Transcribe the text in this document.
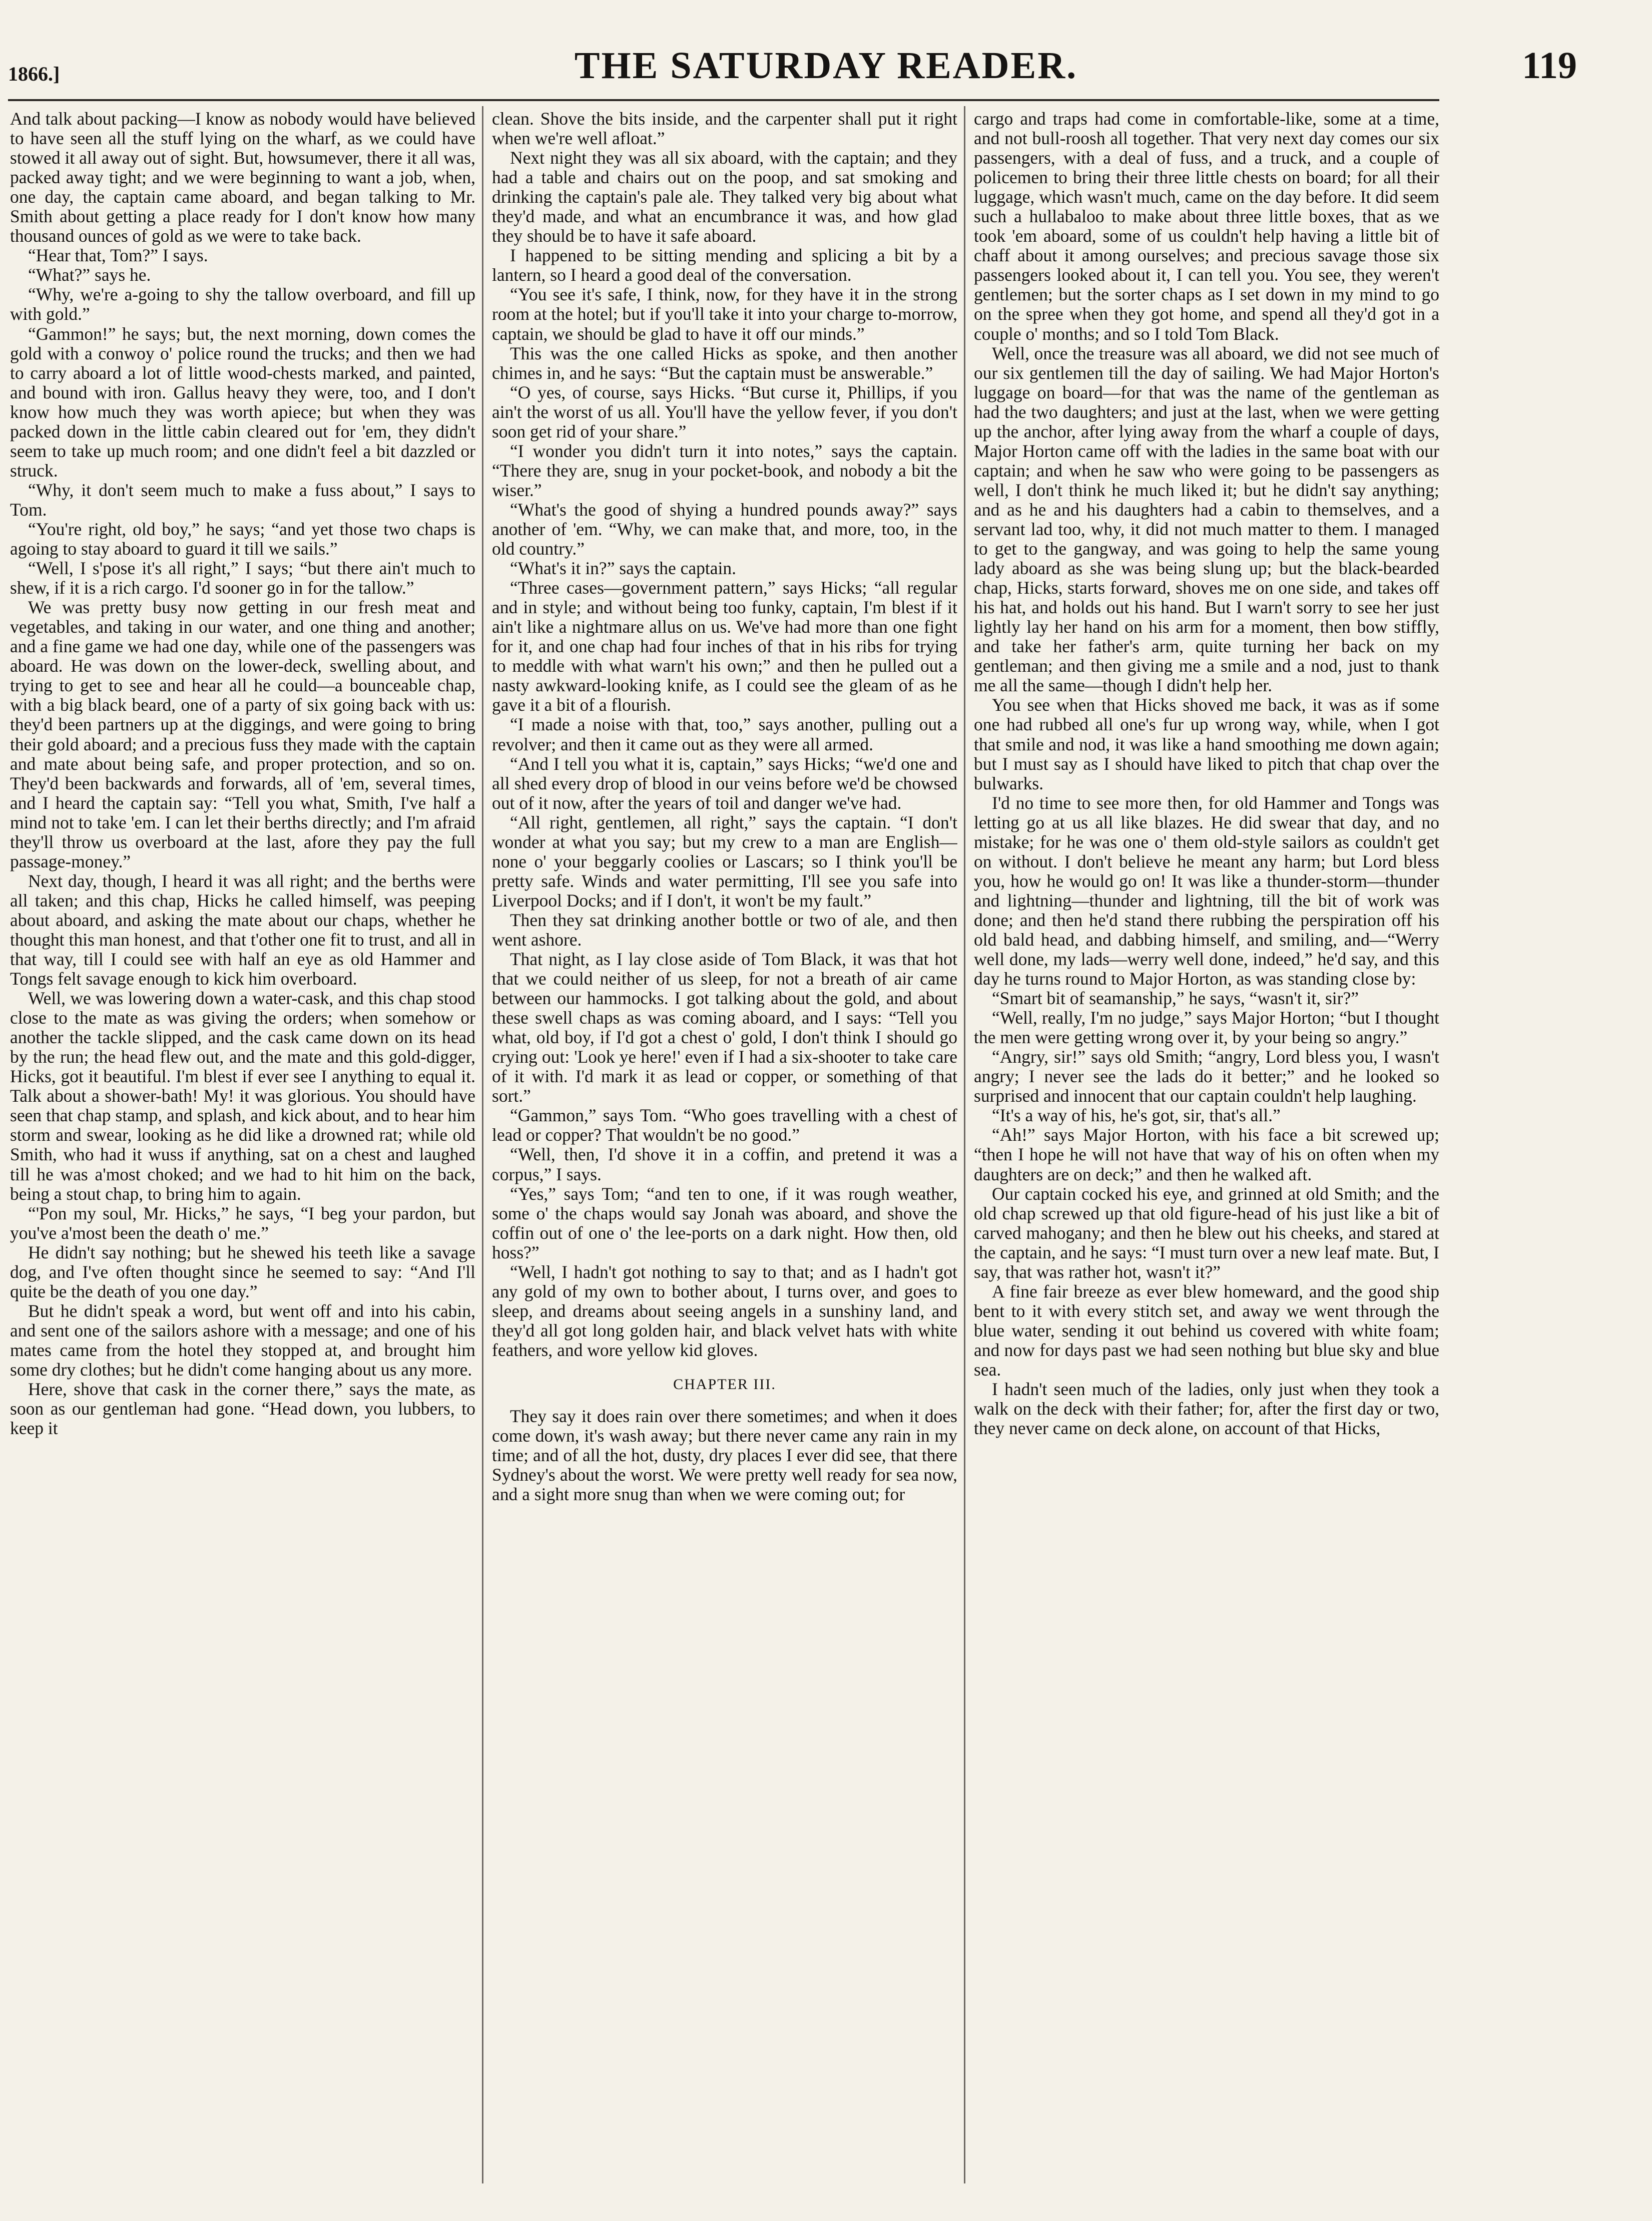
1866.]	THE SATURDAY READER.	119

And talk about packing—I know as nobody would have believed to have seen all the stuff lying on the wharf, as we could have stowed it all away out of sight. But, howsumever, there it all was, packed away tight; and we were beginning to want a job, when, one day, the captain came aboard, and began talking to Mr. Smith about getting a place ready for I don't know how many thousand ounces of gold as we were to take back.

“Hear that, Tom?” I says.

“What?” says he.

“Why, we're a-going to shy the tallow overboard, and fill up with gold.”

“Gammon!” he says; but, the next morning, down comes the gold with a conwoy o' police round the trucks; and then we had to carry aboard a lot of little wood-chests marked, and painted, and bound with iron. Gallus heavy they were, too, and I don't know how much they was worth apiece; but when they was packed down in the little cabin cleared out for 'em, they didn't seem to take up much room; and one didn't feel a bit dazzled or struck.

“Why, it don't seem much to make a fuss about,” I says to Tom.

“You're right, old boy,” he says; “and yet those two chaps is agoing to stay aboard to guard it till we sails.”

“Well, I s'pose it's all right,” I says; “but there ain't much to shew, if it is a rich cargo. I'd sooner go in for the tallow.”

We was pretty busy now getting in our fresh meat and vegetables, and taking in our water, and one thing and another; and a fine game we had one day, while one of the passengers was aboard. He was down on the lower-deck, swelling about, and trying to get to see and hear all he could—a bounceable chap, with a big black beard, one of a party of six going back with us: they'd been partners up at the diggings, and were going to bring their gold aboard; and a precious fuss they made with the captain and mate about being safe, and proper protection, and so on. They'd been backwards and forwards, all of 'em, several times, and I heard the captain say: “Tell you what, Smith, I've half a mind not to take 'em. I can let their berths directly; and I'm afraid they'll throw us overboard at the last, afore they pay the full passage-money.”

Next day, though, I heard it was all right; and the berths were all taken; and this chap, Hicks he called himself, was peeping about aboard, and asking the mate about our chaps, whether he thought this man honest, and that t'other one fit to trust, and all in that way, till I could see with half an eye as old Hammer and Tongs felt savage enough to kick him overboard.

Well, we was lowering down a water-cask, and this chap stood close to the mate as was giving the orders; when somehow or another the tackle slipped, and the cask came down on its head by the run; the head flew out, and the mate and this gold-digger, Hicks, got it beautiful. I'm blest if ever see I anything to equal it. Talk about a shower-bath! My! it was glorious. You should have seen that chap stamp, and splash, and kick about, and to hear him storm and swear, looking as he did like a drowned rat; while old Smith, who had it wuss if anything, sat on a chest and laughed till he was a'most choked; and we had to hit him on the back, being a stout chap, to bring him to again.

“'Pon my soul, Mr. Hicks,” he says, “I beg your pardon, but you've a'most been the death o' me.”

He didn't say nothing; but he shewed his teeth like a savage dog, and I've often thought since he seemed to say: “And I'll quite be the death of you one day.”

But he didn't speak a word, but went off and into his cabin, and sent one of the sailors ashore with a message; and one of his mates came from the hotel they stopped at, and brought him some dry clothes; but he didn't come hanging about us any more.

Here, shove that cask in the corner there,” says the mate, as soon as our gentleman had gone. “Head down, you lubbers, to keep it

clean. Shove the bits inside, and the carpenter shall put it right when we're well afloat.”

Next night they was all six aboard, with the captain; and they had a table and chairs out on the poop, and sat smoking and drinking the captain's pale ale. They talked very big about what they'd made, and what an encumbrance it was, and how glad they should be to have it safe aboard.

I happened to be sitting mending and splicing a bit by a lantern, so I heard a good deal of the conversation.

“You see it's safe, I think, now, for they have it in the strong room at the hotel; but if you'll take it into your charge to-morrow, captain, we should be glad to have it off our minds.”

This was the one called Hicks as spoke, and then another chimes in, and he says: “But the captain must be answerable.”

“O yes, of course, says Hicks. “But curse it, Phillips, if you ain't the worst of us all. You'll have the yellow fever, if you don't soon get rid of your share.”

“I wonder you didn't turn it into notes,” says the captain. “There they are, snug in your pocket-book, and nobody a bit the wiser.”

“What's the good of shying a hundred pounds away?” says another of 'em. “Why, we can make that, and more, too, in the old country.”

“What's it in?” says the captain.

“Three cases—government pattern,” says Hicks; “all regular and in style; and without being too funky, captain, I'm blest if it ain't like a nightmare allus on us. We've had more than one fight for it, and one chap had four inches of that in his ribs for trying to meddle with what warn't his own;” and then he pulled out a nasty awkward-looking knife, as I could see the gleam of as he gave it a bit of a flourish.

“I made a noise with that, too,” says another, pulling out a revolver; and then it came out as they were all armed.

“And I tell you what it is, captain,” says Hicks; “we'd one and all shed every drop of blood in our veins before we'd be chowsed out of it now, after the years of toil and danger we've had.

“All right, gentlemen, all right,” says the captain. “I don't wonder at what you say; but my crew to a man are English—none o' your beggarly coolies or Lascars; so I think you'll be pretty safe. Winds and water permitting, I'll see you safe into Liverpool Docks; and if I don't, it won't be my fault.”

Then they sat drinking another bottle or two of ale, and then went ashore.

That night, as I lay close aside of Tom Black, it was that hot that we could neither of us sleep, for not a breath of air came between our hammocks. I got talking about the gold, and about these swell chaps as was coming aboard, and I says: “Tell you what, old boy, if I'd got a chest o' gold, I don't think I should go crying out: 'Look ye here!' even if I had a six-shooter to take care of it with. I'd mark it as lead or copper, or something of that sort.”

“Gammon,” says Tom. “Who goes travelling with a chest of lead or copper? That wouldn't be no good.”

“Well, then, I'd shove it in a coffin, and pretend it was a corpus,” I says.

“Yes,” says Tom; “and ten to one, if it was rough weather, some o' the chaps would say Jonah was aboard, and shove the coffin out of one o' the lee-ports on a dark night. How then, old hoss?”

“Well, I hadn't got nothing to say to that; and as I hadn't got any gold of my own to bother about, I turns over, and goes to sleep, and dreams about seeing angels in a sunshiny land, and they'd all got long golden hair, and black velvet hats with white feathers, and wore yellow kid gloves.

CHAPTER III.

They say it does rain over there sometimes; and when it does come down, it's wash away; but there never came any rain in my time; and of all the hot, dusty, dry places I ever did see, that there Sydney's about the worst. We were pretty well ready for sea now, and a sight more snug than when we were coming out; for

cargo and traps had come in comfortable-like, some at a time, and not bull-roosh all together. That very next day comes our six passengers, with a deal of fuss, and a truck, and a couple of policemen to bring their three little chests on board; for all their luggage, which wasn't much, came on the day before. It did seem such a hullabaloo to make about three little boxes, that as we took 'em aboard, some of us couldn't help having a little bit of chaff about it among ourselves; and precious savage those six passengers looked about it, I can tell you. You see, they weren't gentlemen; but the sorter chaps as I set down in my mind to go on the spree when they got home, and spend all they'd got in a couple o' months; and so I told Tom Black.

Well, once the treasure was all aboard, we did not see much of our six gentlemen till the day of sailing. We had Major Horton's luggage on board—for that was the name of the gentleman as had the two daughters; and just at the last, when we were getting up the anchor, after lying away from the wharf a couple of days, Major Horton came off with the ladies in the same boat with our captain; and when he saw who were going to be passengers as well, I don't think he much liked it; but he didn't say anything; and as he and his daughters had a cabin to themselves, and a servant lad too, why, it did not much matter to them. I managed to get to the gangway, and was going to help the same young lady aboard as she was being slung up; but the black-bearded chap, Hicks, starts forward, shoves me on one side, and takes off his hat, and holds out his hand. But I warn't sorry to see her just lightly lay her hand on his arm for a moment, then bow stiffly, and take her father's arm, quite turning her back on my gentleman; and then giving me a smile and a nod, just to thank me all the same—though I didn't help her.

You see when that Hicks shoved me back, it was as if some one had rubbed all one's fur up wrong way, while, when I got that smile and nod, it was like a hand smoothing me down again; but I must say as I should have liked to pitch that chap over the bulwarks.

I'd no time to see more then, for old Hammer and Tongs was letting go at us all like blazes. He did swear that day, and no mistake; for he was one o' them old-style sailors as couldn't get on without. I don't believe he meant any harm; but Lord bless you, how he would go on! It was like a thunder-storm—thunder and lightning—thunder and lightning, till the bit of work was done; and then he'd stand there rubbing the perspiration off his old bald head, and dabbing himself, and smiling, and—“Werry well done, my lads—werry well done, indeed,” he'd say, and this day he turns round to Major Horton, as was standing close by:

“Smart bit of seamanship,” he says, “wasn't it, sir?”

“Well, really, I'm no judge,” says Major Horton; “but I thought the men were getting wrong over it, by your being so angry.”

“Angry, sir!” says old Smith; “angry, Lord bless you, I wasn't angry; I never see the lads do it better;” and he looked so surprised and innocent that our captain couldn't help laughing.

“It's a way of his, he's got, sir, that's all.”

“Ah!” says Major Horton, with his face a bit screwed up; “then I hope he will not have that way of his on often when my daughters are on deck;” and then he walked aft.

Our captain cocked his eye, and grinned at old Smith; and the old chap screwed up that old figure-head of his just like a bit of carved mahogany; and then he blew out his cheeks, and stared at the captain, and he says: “I must turn over a new leaf mate. But, I say, that was rather hot, wasn't it?”

A fine fair breeze as ever blew homeward, and the good ship bent to it with every stitch set, and away we went through the blue water, sending it out behind us covered with white foam; and now for days past we had seen nothing but blue sky and blue sea.

I hadn't seen much of the ladies, only just when they took a walk on the deck with their father; for, after the first day or two, they never came on deck alone, on account of that Hicks,
